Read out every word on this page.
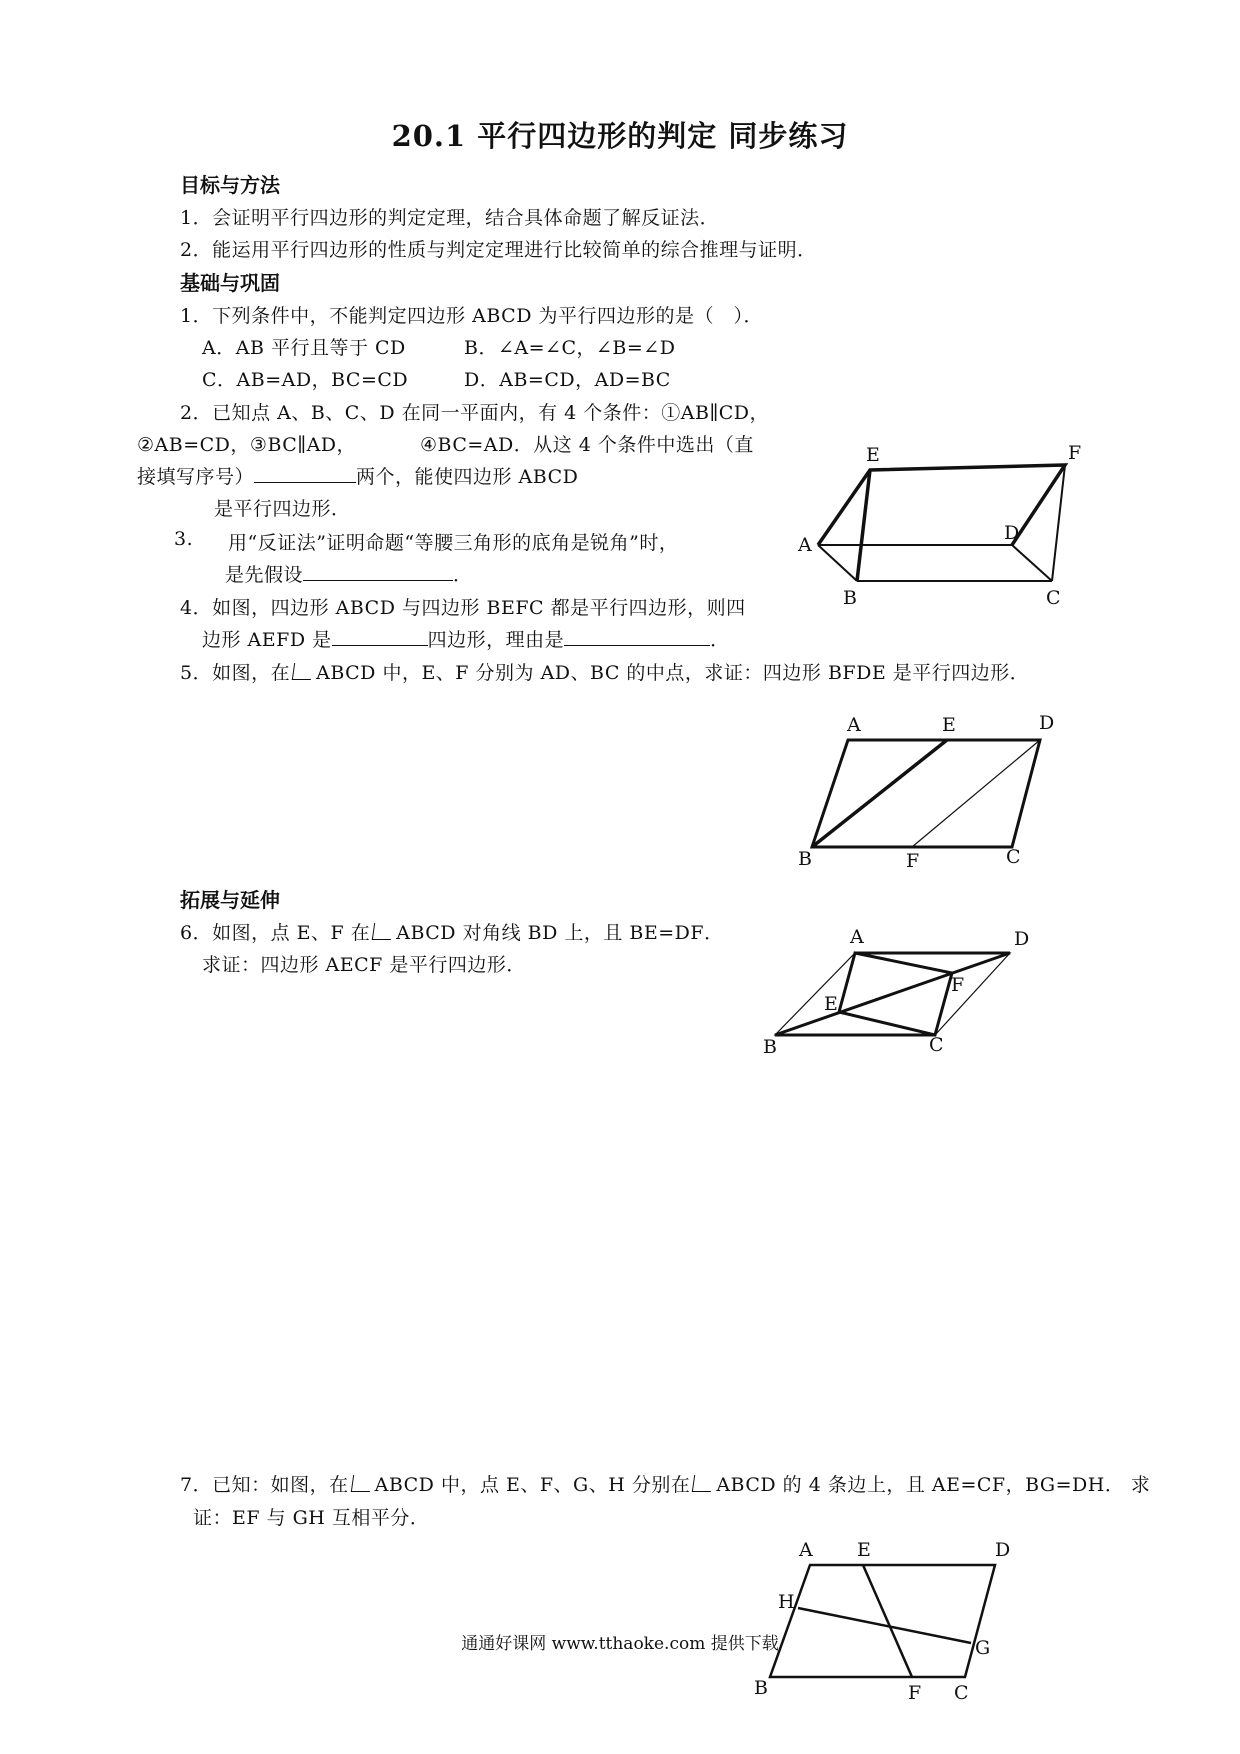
20.1 平行四边形的判定 同步练习
目标与方法
1．会证明平行四边形的判定定理，结合具体命题了解反证法．
2．能运用平行四边形的性质与判定定理进行比较简单的综合推理与证明．
基础与巩固
1．下列条件中，不能判定四边形 ABCD 为平行四边形的是（　）．
A．AB 平行且等于 CD	B．∠A=∠C，∠B=∠D
C．AB=AD，BC=CD	D．AB=CD，AD=BC
2．已知点 A、B、C、D 在同一平面内，有 4 个条件：①AB∥CD，
②AB=CD，③BC∥AD，	④BC=AD．从这 4 个条件中选出（直
接填写序号）	两个，能使四边形 ABCD
是平行四边形．
3. 用“反证法”证明命题“等腰三角形的底角是锐角”时，
是先假设	．
4．如图，四边形 ABCD 与四边形 BEFC 都是平行四边形，则四
边形 AEFD 是	四边形，理由是	．
5．如图，在 ABCD 中，E、F 分别为 AD、BC 的中点，求证：四边形 BFDE 是平行四边形．
拓展与延伸
6．如图，点 E、F 在 ABCD 对角线 BD 上，且 BE=DF．
求证：四边形 AECF 是平行四边形．
7．已知：如图，在 ABCD 中，点 E、F、G、H 分别在 ABCD 的 4 条边上，且 AE=CF，BG=DH． 求
证：EF 与 GH 互相平分．
E	F
A
D
B	C
A	E	D
B	F	C
A	D
F
E
B	C
A E	D
H
G
B	F C
通通好课网 www.tthaoke.com 提供下载
